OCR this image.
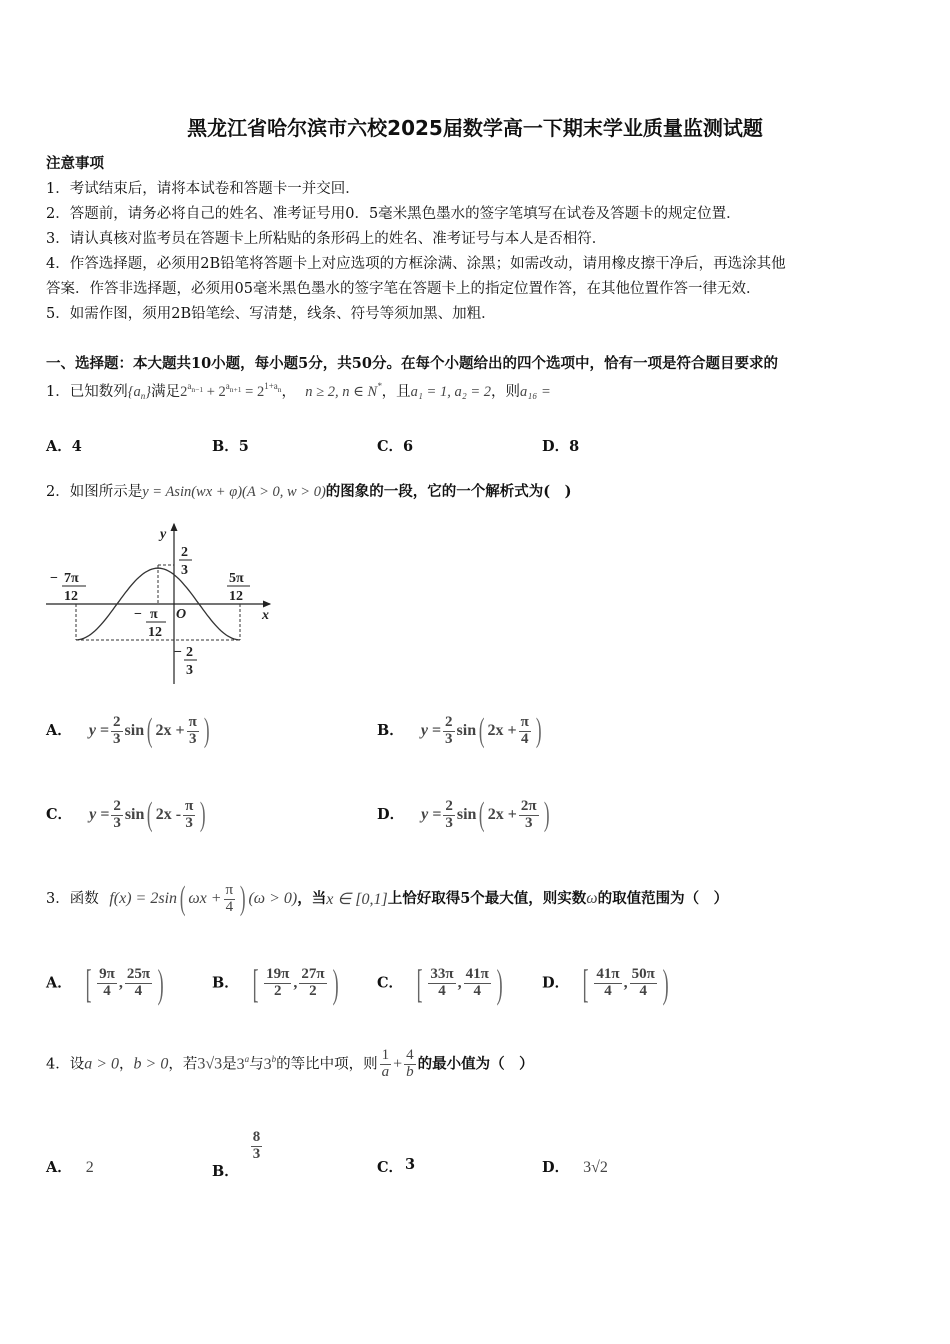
黑龙江省哈尔滨市六校2025届数学高一下期末学业质量监测试题
注意事项
1．考试结束后，请将本试卷和答题卡一并交回．
2．答题前，请务必将自己的姓名、准考证号用0．5毫米黑色墨水的签字笔填写在试卷及答题卡的规定位置．
3．请认真核对监考员在答题卡上所粘贴的条形码上的姓名、准考证号与本人是否相符．
4．作答选择题，必须用2B铅笔将答题卡上对应选项的方框涂满、涂黑；如需改动，请用橡皮擦干净后，再选涂其他
答案．作答非选择题，必须用05毫米黑色墨水的签字笔在答题卡上的指定位置作答，在其他位置作答一律无效．
5．如需作图，须用2B铅笔绘、写清楚，线条、符号等须加黑、加粗．
一、选择题：本大题共10小题，每小题5分，共50分。在每个小题给出的四个选项中，恰有一项是符合题目要求的
1．已知数列$\{a_n\}$满足$2^{a_{n-1}} + 2^{a_{n+1}} = 2^{1+a_n}$， n ≥ 2, n ∈ N*，且a₁ = 1, a₂ = 2，则a₁₆ =
A．4	B．5	C．6	D．8
2．如图所示是y = Asin(wx + φ)(A > 0, w > 0)的图象的一段，它的一个解析式为(　)
y
x
O
2
3
− 2
3
− 7π
12
5π
12
− π
12
A． $y = \frac{2}{3} \sin$( $2x + \frac{\pi}{3}$ )	B． $y = \frac{2}{3} \sin$( $2x + \frac{\pi}{4}$ )
C． $y = \frac{2}{3} \sin$( $2x - \frac{\pi}{3}$ )	D． $y = \frac{2}{3} \sin$( $2x + \frac{2\pi}{3}$ )
3．函数 f(x) = 2sin( $\omega x + \frac{\pi}{4}$ ) (ω > 0)，当x ∈ [0,1]上恰好取得5个最大值，则实数ω的取值范围为（　）
A． [ $\frac{9\pi}{4}$ , $\frac{25\pi}{4}$ )	B． [ $\frac{19\pi}{2}$ , $\frac{27\pi}{2}$ )	C． [ $\frac{33\pi}{4}$ , $\frac{41\pi}{4}$ )	D． [ $\frac{41\pi}{4}$ , $\frac{50\pi}{4}$ )
4．设a > 0，b > 0，若3√3是3$^a$与3$^b$的等比中项，则 $\frac{1}{a} + \frac{4}{b}$ 的最小值为（　）
A． 2	B．
$\frac{8}{3}$
C． 3	D． 3√2
